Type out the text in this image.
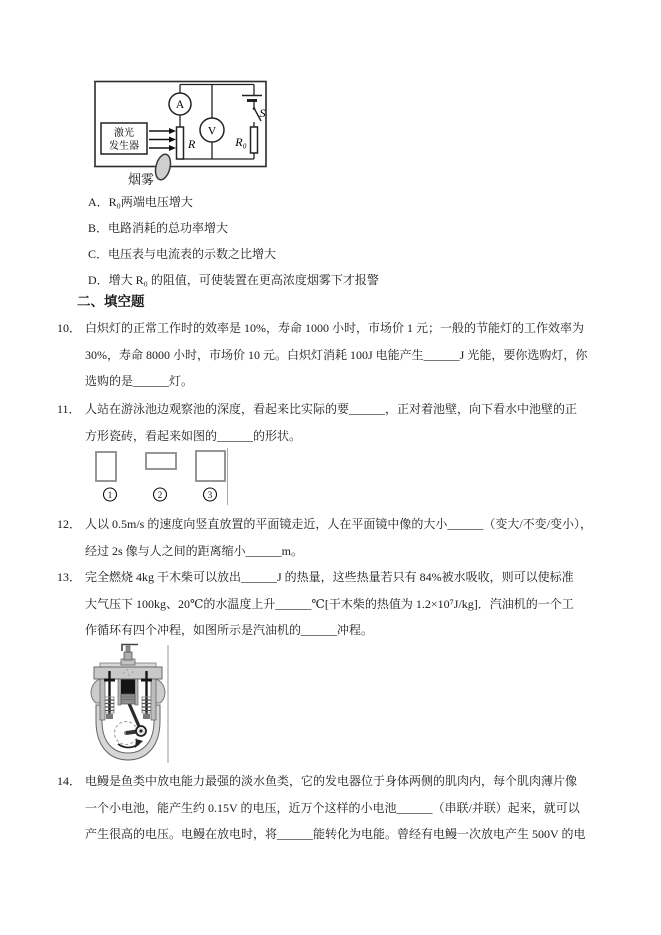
S
A
V
R	R₀
激光
发生器
烟雾
A．R₀两端电压增大
B．电路消耗的总功率增大
C．电压表与电流表的示数之比增大
D．增大 R₀ 的阻值，可使装置在更高浓度烟雾下才报警
二、填空题
10． 白炽灯的正常工作时的效率是 10%，寿命 1000 小时，市场价 1 元；一般的节能灯的工作效率为
30%，寿命 8000 小时，市场价 10 元。白炽灯消耗 100J 电能产生______J 光能，要你选购灯，你
选购的是______灯。
11． 人站在游泳池边观察池的深度，看起来比实际的要______，正对着池壁，向下看水中池壁的正
方形瓷砖，看起来如图的______的形状。
1	2	3
12． 人以 0.5m/s 的速度向竖直放置的平面镜走近，人在平面镜中像的大小______（变大/不变/变小），
经过 2s 像与人之间的距离缩小______m。
13． 完全燃烧 4kg 干木柴可以放出______J 的热量，这些热量若只有 84%被水吸收，则可以使标准
大气压下 100kg、20℃的水温度上升______℃[干木柴的热值为 1.2×10⁷J/kg]．汽油机的一个工
作循环有四个冲程，如图所示是汽油机的______冲程。
14． 电鳗是鱼类中放电能力最强的淡水鱼类，它的发电器位于身体两侧的肌肉内，每个肌肉薄片像
一个小电池，能产生约 0.15V 的电压，近万个这样的小电池______（串联/并联）起来，就可以
产生很高的电压。电鳗在放电时，将______能转化为电能。曾经有电鳗一次放电产生 500V 的电
